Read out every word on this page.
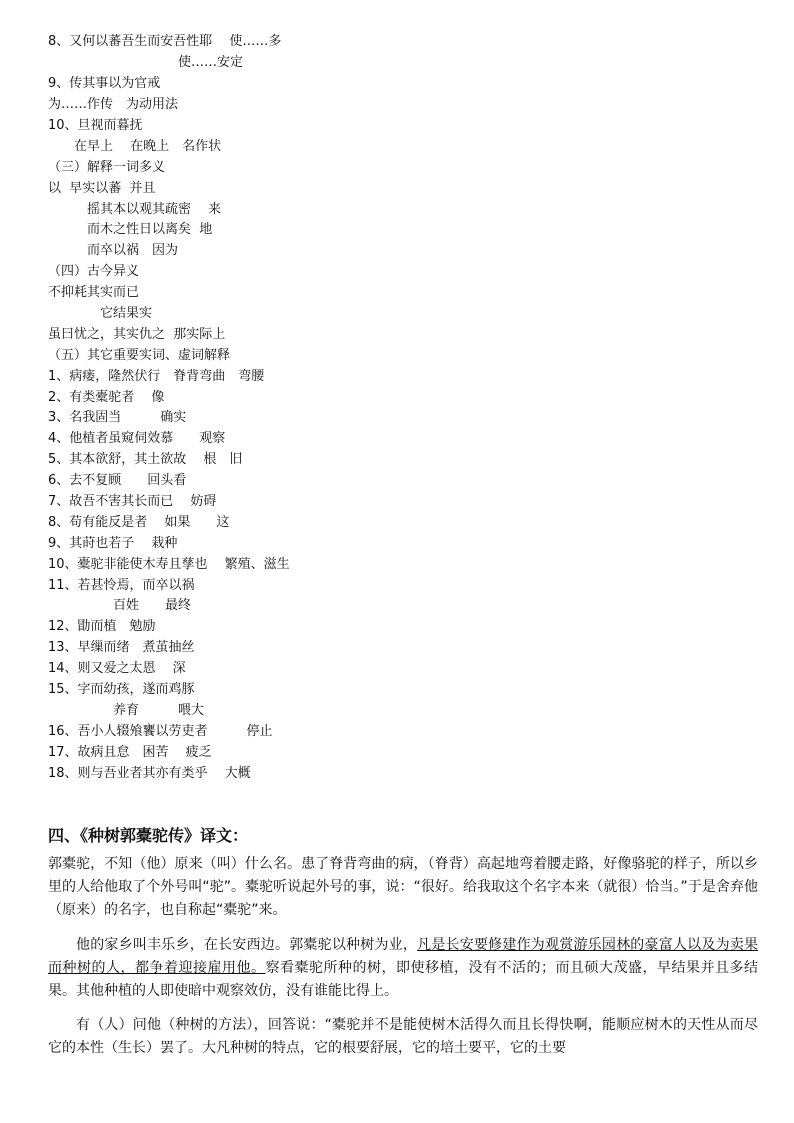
8、又何以蕃吾生而安吾性耶　 使……多
　　　　　　　　　　使……安定
9、传其事以为官戒
为……作传　为动用法
10、旦视而暮抚
　　在早上　 在晚上　名作状
（三）解释一词多义
以  早实以蕃  并且
　　　摇其本以观其疏密　 来
　　　而木之性日以离矣  地
　　　而卒以祸　因为
（四）古今异义
不抑耗其实而已
　　　　它结果实
虽曰忧之，其实仇之  那实际上
（五）其它重要实词、虚词解释
1、病瘘，隆然伏行　脊背弯曲　弯腰
2、有类橐驼者　 像
3、名我固当　　　确实
4、他植者虽窥伺效慕　　观察
5、其本欲舒，其土欲故　 根　旧
6、去不复顾　　回头看
7、故吾不害其长而已　 妨碍
8、苟有能反是者　 如果　　这
9、其莳也若子　 栽种
10、橐驼非能使木寿且孳也　 繁殖、滋生
11、若甚怜焉，而卒以祸
　　　　　百姓　　最终
12、勖而植　勉励
13、早缫而绪　煮茧抽丝
14、则又爱之太恩　 深
15、字而幼孩，遂而鸡豚
　　　　　养育　　　喂大
16、吾小人辍飧饔以劳吏者　　　停止
17、故病且怠　困苦　 疲乏
18、则与吾业者其亦有类乎　 大概
四、《种树郭橐驼传》译文：
郭橐驼，不知（他）原来（叫）什么名。患了脊背弯曲的病，（脊背）高起地弯着腰走路，好像骆驼的样子，所以乡里的人给他取了个外号叫“驼”。橐驼听说起外号的事，说：“很好。给我取这个名字本来（就很）恰当。”于是舍弃他（原来）的名字，也自称起“橐驼”来。
他的家乡叫丰乐乡，在长安西边。郭橐驼以种树为业，凡是长安要修建作为观赏游乐园林的豪富人以及为卖果而种树的人，都争着迎接雇用他。察看橐驼所种的树，即使移植，没有不活的；而且硕大茂盛，早结果并且多结果。其他种植的人即使暗中观察效仿，没有谁能比得上。
有（人）问他（种树的方法），回答说：“橐驼并不是能使树木活得久而且长得快啊，能顺应树木的天性从而尽它的本性（生长）罢了。大凡种树的特点，它的根要舒展，它的培土要平，它的土要
